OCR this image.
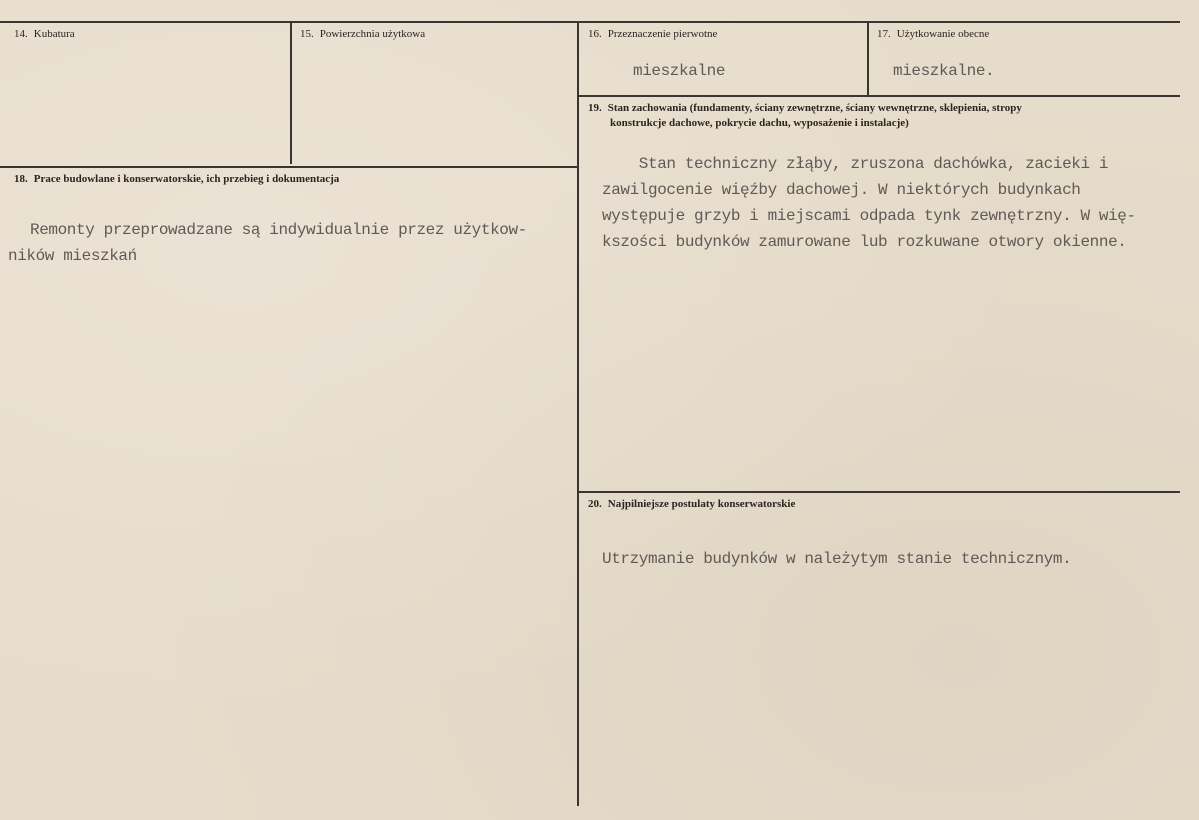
14. Kubatura	15. Powierzchnia użytkowa	16. Przeznaczenie pierwotne
mieszkalne
17. Użytkowanie obecne
mieszkalne.
18. Prace budowlane i konserwatorskie, ich przebieg i dokumentacja
Remonty przeprowadzane są indywidualnie przez użytkow-
ników mieszkań
19. Stan zachowania (fundamenty, ściany zewnętrzne, ściany wewnętrzne, sklepienia, stropy
konstrukcje dachowe, pokrycie dachu, wyposażenie i instalacje)
Stan techniczny złąby, zruszona dachówka, zacieki i
zawilgocenie więźby dachowej. W niektórych budynkach
występuje grzyb i miejscami odpada tynk zewnętrzny. W wię-
kszości budynków zamurowane lub rozkuwane otwory okienne.
20. Najpilniejsze postulaty konserwatorskie
Utrzymanie budynków w należytym stanie technicznym.
